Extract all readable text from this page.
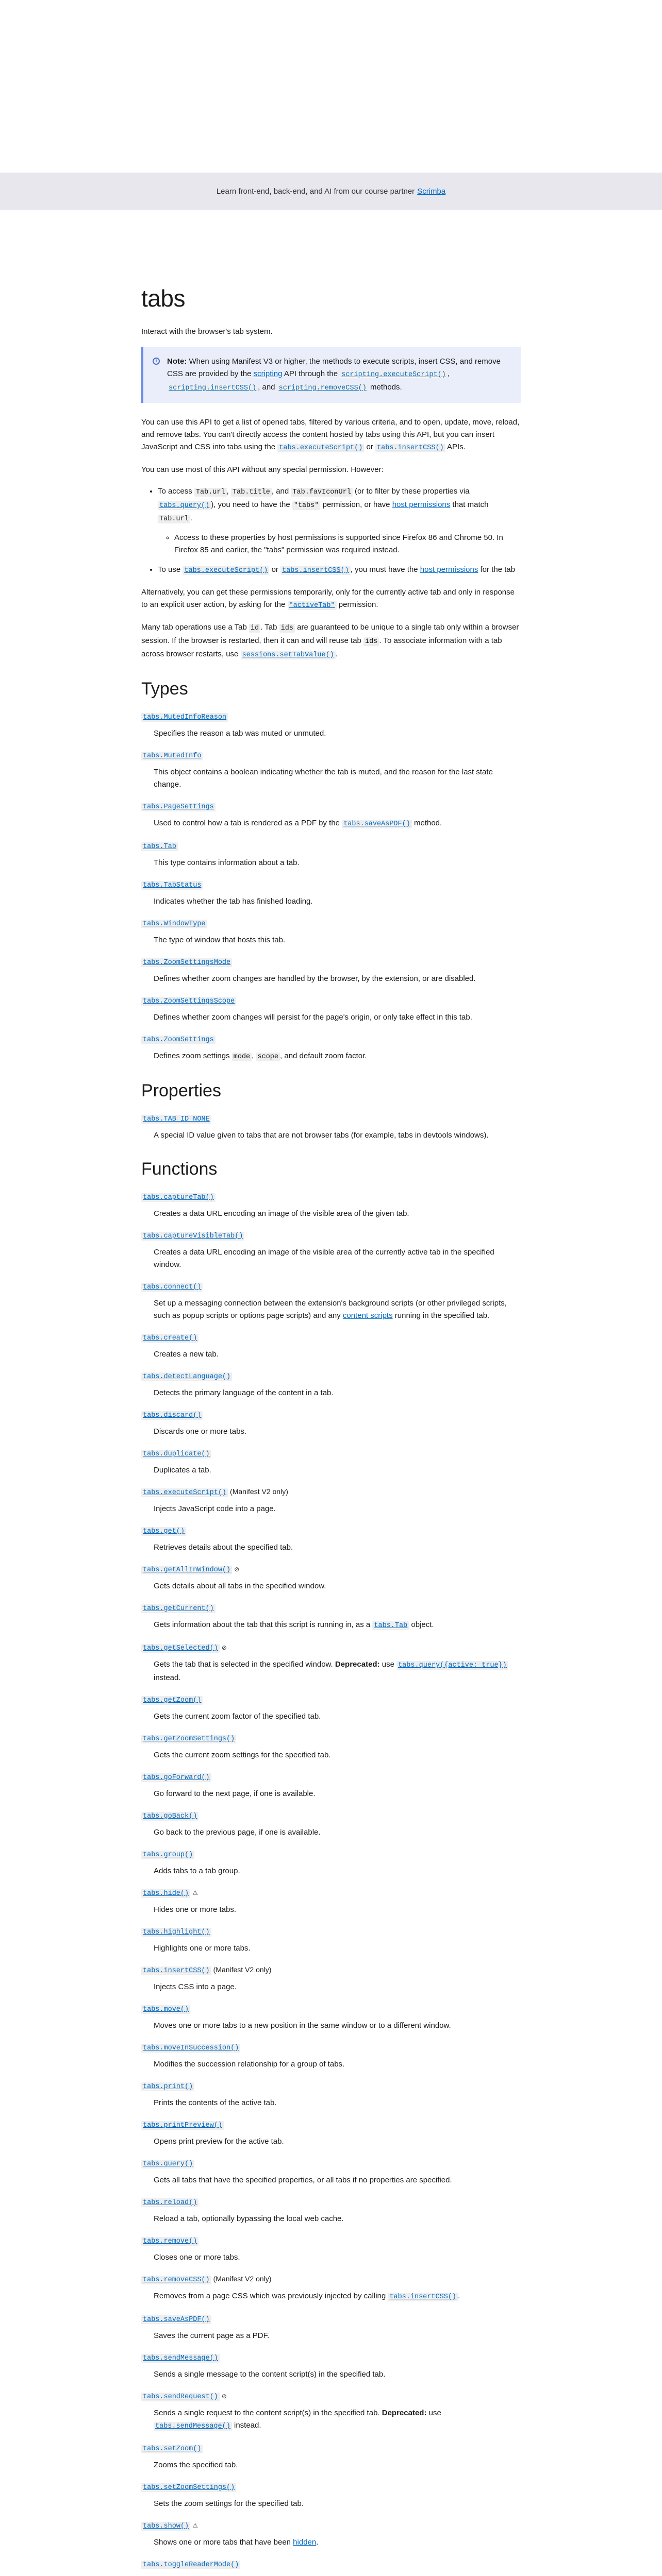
Learn front-end, back-end, and AI from our course partner Scrimba
tabs

Interact with the browser's tab system.

i	Note: When using Manifest V3 or higher, the methods to execute scripts, insert CSS, and remove CSS are provided by the scripting API through the scripting.executeScript() , scripting.insertCSS() , and scripting.removeCSS() methods.

You can use this API to get a list of opened tabs, filtered by various criteria, and to open, update, move, reload, and remove tabs. You can't directly access the content hosted by tabs using this API, but you can insert JavaScript and CSS into tabs using the tabs.executeScript() or tabs.insertCSS() APIs.

You can use most of this API without any special permission. However:

• To access Tab.url , Tab.title , and Tab.favIconUrl (or to filter by these properties via tabs.query() ), you need to have the "tabs" permission, or have host permissions that match Tab.url .
◦ Access to these properties by host permissions is supported since Firefox 86 and Chrome 50. In Firefox 85 and earlier, the "tabs" permission was required instead.
• To use tabs.executeScript() or tabs.insertCSS() , you must have the host permissions for the tab

Alternatively, you can get these permissions temporarily, only for the currently active tab and only in response to an explicit user action, by asking for the "activeTab" permission.

Many tab operations use a Tab id . Tab ids are guaranteed to be unique to a single tab only within a browser session. If the browser is restarted, then it can and will reuse tab ids . To associate information with a tab across browser restarts, use sessions.setTabValue() .

Types
tabs.MutedInfoReason
Specifies the reason a tab was muted or unmuted.
tabs.MutedInfo
This object contains a boolean indicating whether the tab is muted, and the reason for the last state change.
tabs.PageSettings
Used to control how a tab is rendered as a PDF by the tabs.saveAsPDF() method.
tabs.Tab
This type contains information about a tab.
tabs.TabStatus
Indicates whether the tab has finished loading.
tabs.WindowType
The type of window that hosts this tab.
tabs.ZoomSettingsMode
Defines whether zoom changes are handled by the browser, by the extension, or are disabled.
tabs.ZoomSettingsScope
Defines whether zoom changes will persist for the page's origin, or only take effect in this tab.
tabs.ZoomSettings
Defines zoom settings mode , scope , and default zoom factor.
Properties
tabs.TAB_ID_NONE
A special ID value given to tabs that are not browser tabs (for example, tabs in devtools windows).
Functions
tabs.captureTab()
Creates a data URL encoding an image of the visible area of the given tab.
tabs.captureVisibleTab()
Creates a data URL encoding an image of the visible area of the currently active tab in the specified window.
tabs.connect()
Set up a messaging connection between the extension's background scripts (or other privileged scripts, such as popup scripts or options page scripts) and any content scripts running in the specified tab.
tabs.create()
Creates a new tab.
tabs.detectLanguage()
Detects the primary language of the content in a tab.
tabs.discard()
Discards one or more tabs.
tabs.duplicate()
Duplicates a tab.
tabs.executeScript() (Manifest V2 only)
Injects JavaScript code into a page.
tabs.get()
Retrieves details about the specified tab.
tabs.getAllInWindow() ⊘
Gets details about all tabs in the specified window.
tabs.getCurrent()
Gets information about the tab that this script is running in, as a tabs.Tab object.
tabs.getSelected() ⊘
Gets the tab that is selected in the specified window. Deprecated: use tabs.query({active: true}) instead.
tabs.getZoom()
Gets the current zoom factor of the specified tab.
tabs.getZoomSettings()
Gets the current zoom settings for the specified tab.
tabs.goForward()
Go forward to the next page, if one is available.
tabs.goBack()
Go back to the previous page, if one is available.
tabs.group()
Adds tabs to a tab group.
tabs.hide() ⚠
Hides one or more tabs.
tabs.highlight()
Highlights one or more tabs.
tabs.insertCSS() (Manifest V2 only)
Injects CSS into a page.
tabs.move()
Moves one or more tabs to a new position in the same window or to a different window.
tabs.moveInSuccession()
Modifies the succession relationship for a group of tabs.
tabs.print()
Prints the contents of the active tab.
tabs.printPreview()
Opens print preview for the active tab.
tabs.query()
Gets all tabs that have the specified properties, or all tabs if no properties are specified.
tabs.reload()
Reload a tab, optionally bypassing the local web cache.
tabs.remove()
Closes one or more tabs.
tabs.removeCSS() (Manifest V2 only)
Removes from a page CSS which was previously injected by calling tabs.insertCSS() .
tabs.saveAsPDF()
Saves the current page as a PDF.
tabs.sendMessage()
Sends a single message to the content script(s) in the specified tab.
tabs.sendRequest() ⊘
Sends a single request to the content script(s) in the specified tab. Deprecated: use tabs.sendMessage() instead.
tabs.setZoom()
Zooms the specified tab.
tabs.setZoomSettings()
Sets the zoom settings for the specified tab.
tabs.show() ⚠
Shows one or more tabs that have been hidden.
tabs.toggleReaderMode()
